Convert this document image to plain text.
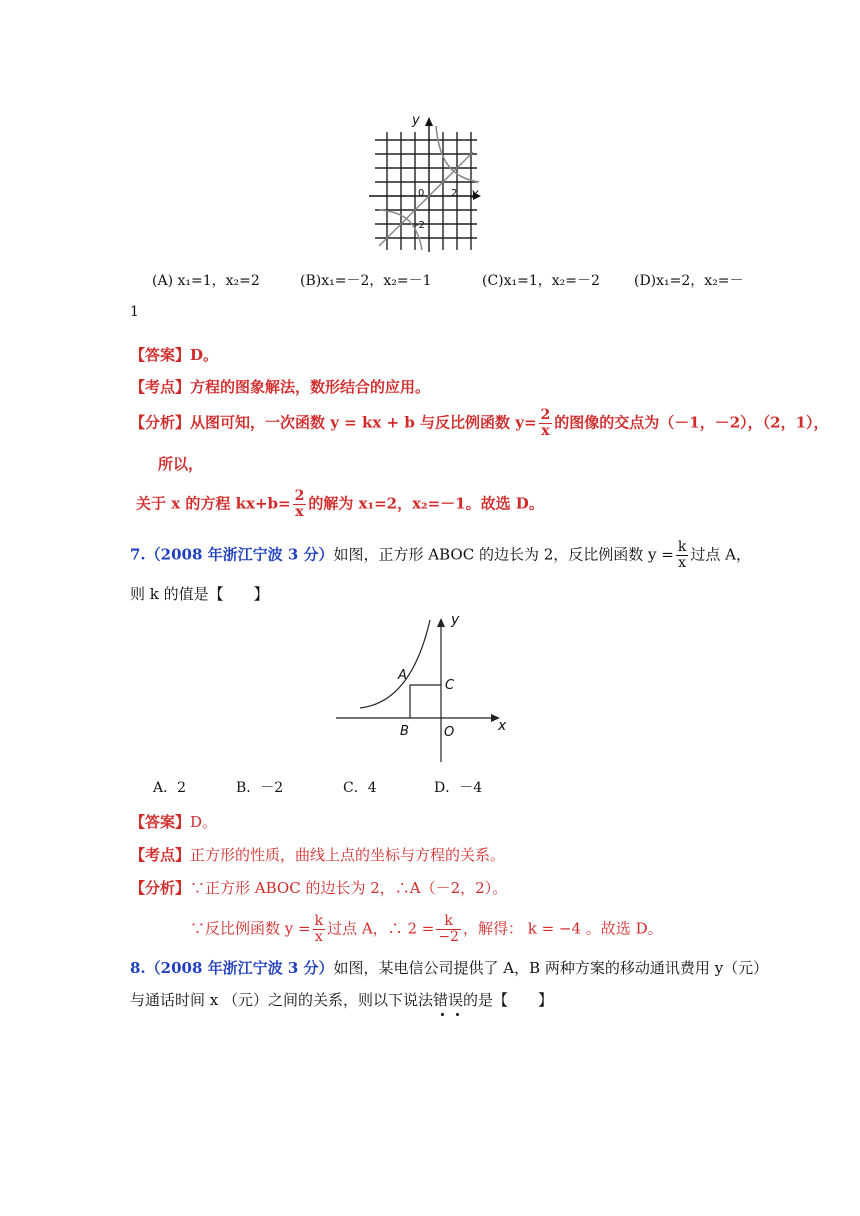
y
x
0	2
-2
(A) x₁=1，x₂=2	(B)x₁=－2，x₂=－1	(C)x₁=1，x₂=－2 (D)x₁=2，x₂=－
1
【答案】D。
【考点】方程的图象解法，数形结合的应用。
【分析】从图可知，一次函数 y = kx + b 与反比例函数 $y= \frac{2}{x}$ 的图像的交点为（－1，－2），（2，1），
所以，
关于 x 的方程 $kx+b= \frac{2}{x}$ 的解为 x₁=2，x₂=－1。故选 D。
7.（2008 年浙江宁波 3 分）如图，正方形 ABOC 的边长为 2，反比例函数 $y = \frac{k}{x}$ 过点 A，
则 k 的值是【　　】
y
x
A
C
B	O
A．2	B．－2	C．4	D．－4
【答案】D。
【考点】正方形的性质，曲线上点的坐标与方程的关系。
【分析】∵正方形 ABOC 的边长为 2，∴A（－2，2）。
∵反比例函数 $y = \frac{k}{x}$ 过点 A，∴ $2 = \frac{k}{-2}$ ，解得： k = −4 。故选 D。
8.（2008 年浙江宁波 3 分）如图，某电信公司提供了 A，B 两种方案的移动通讯费用 y（元）
与通话时间 x （元）之间的关系，则以下说法错误的是【　　】
